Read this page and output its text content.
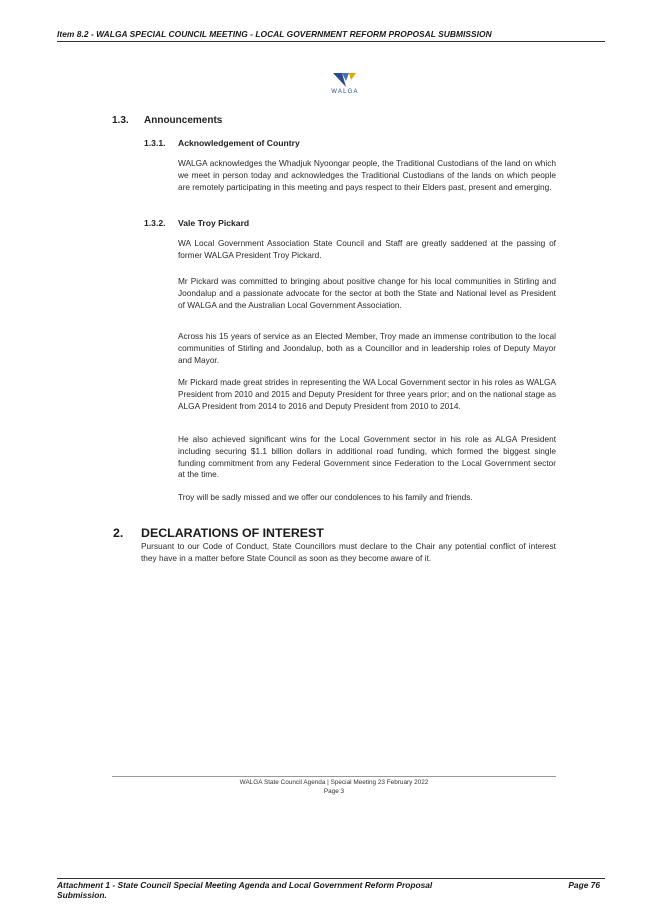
Item 8.2 - WALGA SPECIAL COUNCIL MEETING - LOCAL GOVERNMENT REFORM PROPOSAL SUBMISSION
WALGA
1.3. Announcements
1.3.1. Acknowledgement of Country
WALGA acknowledges the Whadjuk Nyoongar people, the Traditional Custodians of the land on which we meet in person today and acknowledges the Traditional Custodians of the lands on which people are remotely participating in this meeting and pays respect to their Elders past, present and emerging.
1.3.2. Vale Troy Pickard
WA Local Government Association State Council and Staff are greatly saddened at the passing of former WALGA President Troy Pickard.
Mr Pickard was committed to bringing about positive change for his local communities in Stirling and Joondalup and a passionate advocate for the sector at both the State and National level as President of WALGA and the Australian Local Government Association.
Across his 15 years of service as an Elected Member, Troy made an immense contribution to the local communities of Stirling and Joondalup, both as a Councillor and in leadership roles of Deputy Mayor and Mayor.
Mr Pickard made great strides in representing the WA Local Government sector in his roles as WALGA President from 2010 and 2015 and Deputy President for three years prior; and on the national stage as ALGA President from 2014 to 2016 and Deputy President from 2010 to 2014.
He also achieved significant wins for the Local Government sector in his role as ALGA President including securing $1.1 billion dollars in additional road funding, which formed the biggest single funding commitment from any Federal Government since Federation to the Local Government sector at the time.
Troy will be sadly missed and we offer our condolences to his family and friends.
2. DECLARATIONS OF INTEREST
Pursuant to our Code of Conduct, State Councillors must declare to the Chair any potential conflict of interest they have in a matter before State Council as soon as they become aware of it.
WALGA State Council Agenda | Special Meeting 23 February 2022
Page 3
Attachment 1 - State Council Special Meeting Agenda and Local Government Reform Proposal Submission.
Page 76
